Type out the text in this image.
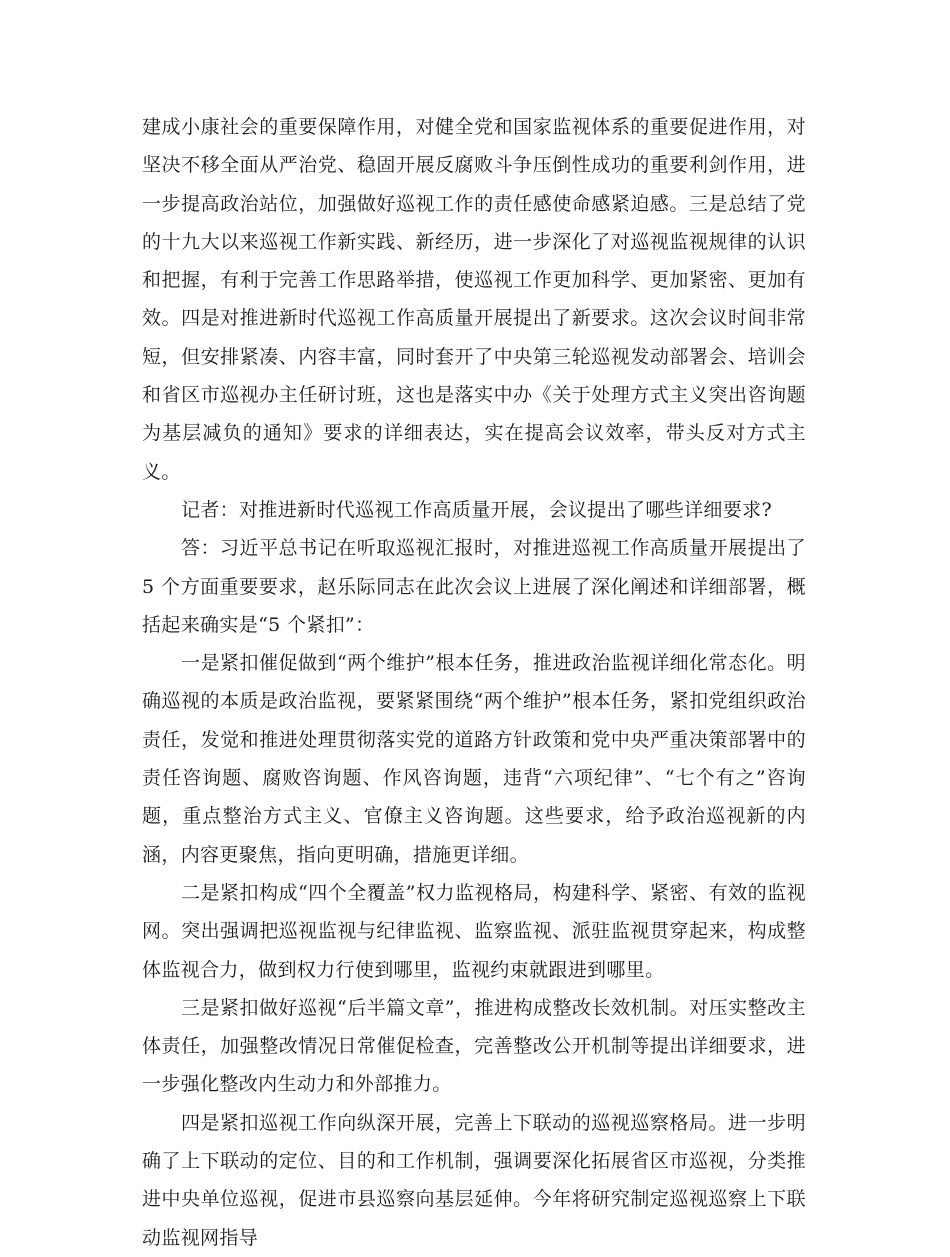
建成小康社会的重要保障作用，对健全党和国家监视体系的重要促进作用，对坚决不移全面从严治党、稳固开展反腐败斗争压倒性成功的重要利剑作用，进一步提高政治站位，加强做好巡视工作的责任感使命感紧迫感。三是总结了党的十九大以来巡视工作新实践、新经历，进一步深化了对巡视监视规律的认识和把握，有利于完善工作思路举措，使巡视工作更加科学、更加紧密、更加有效。四是对推进新时代巡视工作高质量开展提出了新要求。这次会议时间非常短，但安排紧凑、内容丰富，同时套开了中央第三轮巡视发动部署会、培训会和省区市巡视办主任研讨班，这也是落实中办《关于处理方式主义突出咨询题为基层减负的通知》要求的详细表达，实在提高会议效率，带头反对方式主义。

记者：对推进新时代巡视工作高质量开展，会议提出了哪些详细要求?

答：习近平总书记在听取巡视汇报时，对推进巡视工作高质量开展提出了 5 个方面重要要求，赵乐际同志在此次会议上进展了深化阐述和详细部署，概括起来确实是“5 个紧扣”：

一是紧扣催促做到“两个维护”根本任务，推进政治监视详细化常态化。明确巡视的本质是政治监视，要紧紧围绕“两个维护”根本任务，紧扣党组织政治责任，发觉和推进处理贯彻落实党的道路方针政策和党中央严重决策部署中的责任咨询题、腐败咨询题、作风咨询题，违背“六项纪律”、“七个有之”咨询题，重点整治方式主义、官僚主义咨询题。这些要求，给予政治巡视新的内涵，内容更聚焦，指向更明确，措施更详细。

二是紧扣构成“四个全覆盖”权力监视格局，构建科学、紧密、有效的监视网。突出强调把巡视监视与纪律监视、监察监视、派驻监视贯穿起来，构成整体监视合力，做到权力行使到哪里，监视约束就跟进到哪里。

三是紧扣做好巡视“后半篇文章”，推进构成整改长效机制。对压实整改主体责任，加强整改情况日常催促检查，完善整改公开机制等提出详细要求，进一步强化整改内生动力和外部推力。

四是紧扣巡视工作向纵深开展，完善上下联动的巡视巡察格局。进一步明确了上下联动的定位、目的和工作机制，强调要深化拓展省区市巡视，分类推进中央单位巡视，促进市县巡察向基层延伸。今年将研究制定巡视巡察上下联动监视网指导
